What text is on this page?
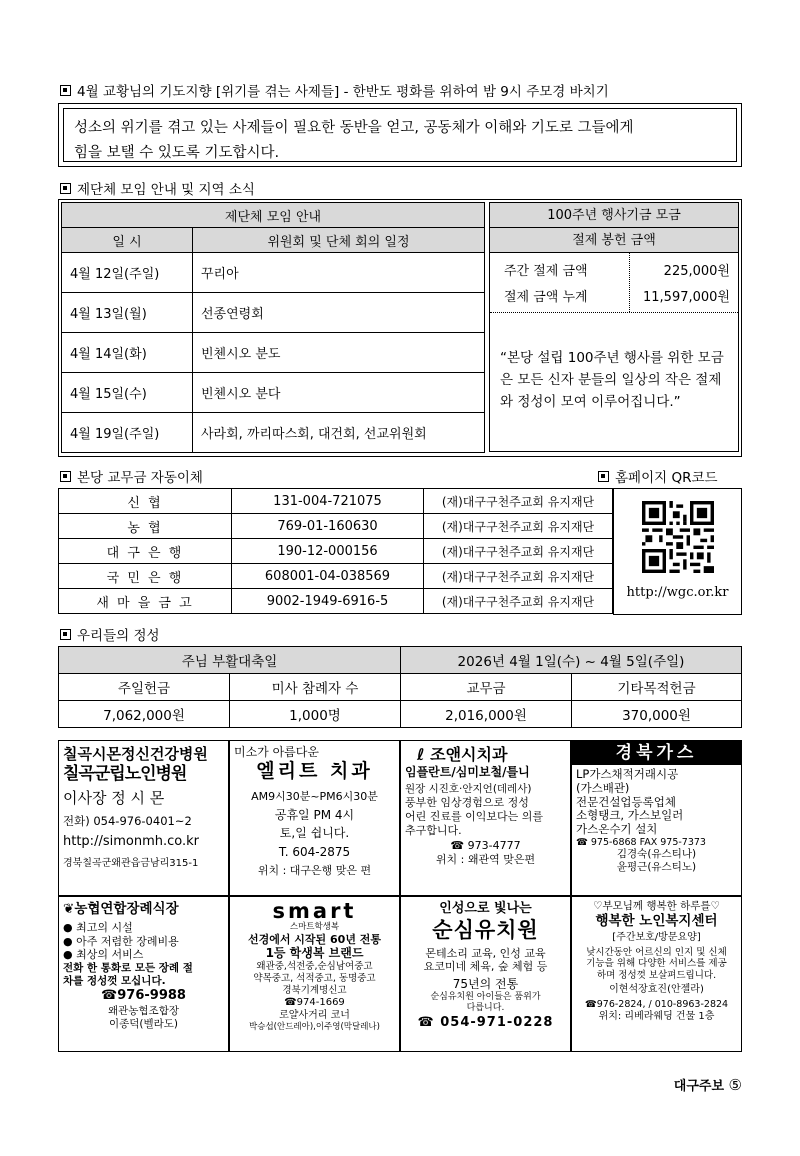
4월 교황님의 기도지향 [위기를 겪는 사제들] - 한반도 평화를 위하여 밤 9시 주모경 바치기
성소의 위기를 겪고 있는 사제들이 필요한 동반을 얻고, 공동체가 이해와 기도로 그들에게
힘을 보탤 수 있도록 기도합시다.
제단체 모임 안내 및 지역 소식
제단체 모임 안내	
일 시	위원회 및 단체 회의 일정
4월 12일(주일)	꾸리아
4월 13일(월)	선종연령회
4월 14일(화)	빈첸시오 분도
4월 15일(수)	빈첸시오 분다
4월 19일(주일)	사라회, 까리따스회, 대건회, 선교위원회
100주년 행사기금 모금
절제 봉헌 금액
주간 절제 금액	225,000원
절제 금액 누계	11,597,000원
“본당 설립 100주년 행사를 위한 모금은 모든 신자 분들의 일상의 작은 절제와 정성이 모여 이루어집니다.”
본당 교무금 자동이체	홈페이지 QR코드
신 협	131-004-721075	(재)대구구천주교회 유지재단
농 협	769-01-160630	(재)대구구천주교회 유지재단
대 구 은 행	190-12-000156	(재)대구구천주교회 유지재단
국 민 은 행	608001-04-038569	(재)대구구천주교회 유지재단
새 마 을 금 고	9002-1949-6916-5	(재)대구구천주교회 유지재단
http://wgc.or.kr
우리들의 정성
주님 부활대축일		2026년 4월 1일(수) ~ 4월 5일(주일)	
주일헌금	미사 참례자 수	교무금	기타목적헌금
7,062,000원	1,000명	2,016,000원	370,000원
칠곡시몬정신건강병원
칠곡군립노인병원
이사장 정 시 몬
전화) 054-976-0401~2
http://simonmh.co.kr
경북칠곡군왜관읍금남리315-1
미소가 아름다운
엘리트 치과
AM9시30분~PM6시30분
공휴일 PM 4시
토,일 쉽니다.
T. 604-2875
위치 : 대구은행 맞은 편
ℓ 조앤시치과
임플란트/심미보철/틀니
원장 시진호·안지언(데레사)
풍부한 임상경험으로 정성
어린 진료를 이익보다는 의를
추구합니다.
☎ 973-4777
위치 : 왜관역 맞은편
경북가스
LP가스채적거래시공
(가스배관)
전문건설업등록업체
소형탱크, 가스보일러
가스온수기 설치
☎ 975-6868 FAX 975-7373
김경숙(유스티나)
윤평근(유스티노)
❦농협연합장례식장
● 최고의 시설
● 아주 저렴한 장례비용
● 최상의 서비스
전화 한 통화로 모든 장례 절
차를 정성껏 모십니다.
☎976-9988
왜관농협조합장
이종덕(벨라도)
smart
스마트학생복
선경에서 시작된 60년 전통
1등 학생복 브랜드
왜관중,석전중,순심남여중고
약목중고, 석적중고, 동명중고
경북기계명신고
☎974-1669
로얄사거리 코너
박승섭(안드레아),이주영(막달레나)
인성으로 빛나는
순심유치원
몬테소리 교육, 인성 교육
요코미네 체육, 숲 체험 등
75년의 전통
순심유치원 아이들은 품위가
다릅니다.
☎ 054-971-0228
♡부모님께 행복한 하루를♡
행복한 노인복지센터
[주간보호/방문요양]
낮시간동안 어르신의 인지 및 신체
기능을 위해 다양한 서비스를 제공
하며 정성껏 보살펴드립니다.
이현석장효진(안젤라)
☎976-2824, / 010-8963-2824
위치: 리베라웨딩 건물 1층
대구주보 ⑤
